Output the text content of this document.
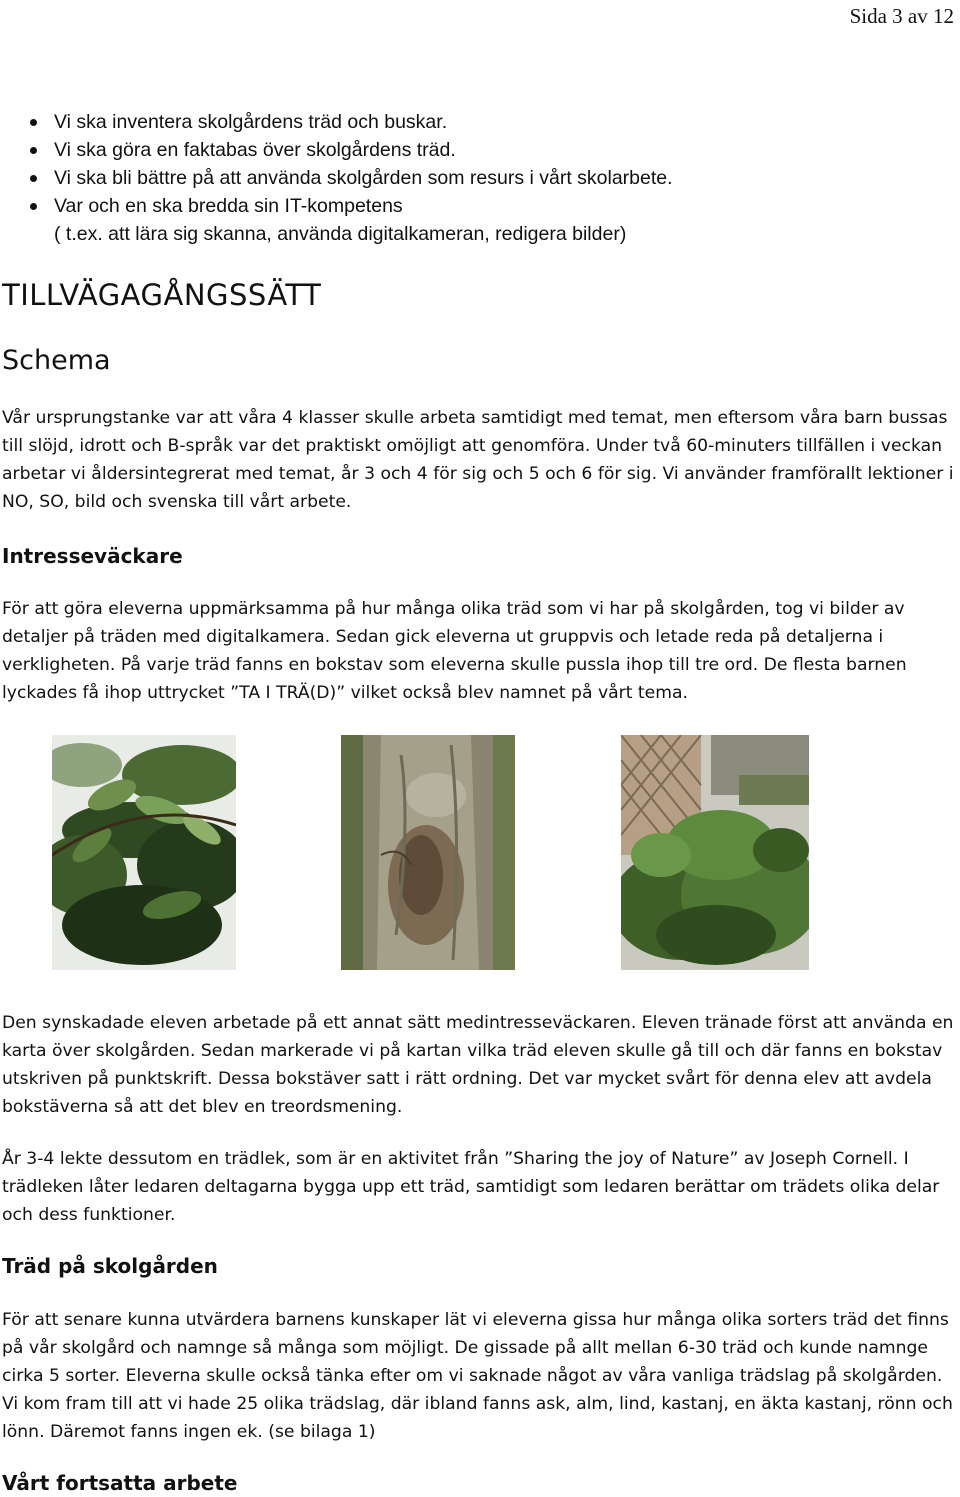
Sida 3 av 12
Vi ska inventera skolgårdens träd och buskar.
Vi ska göra en faktabas över skolgårdens träd.
Vi ska bli bättre på att använda skolgården som resurs i vårt skolarbete.
Var och en ska bredda sin IT-kompetens
( t.ex. att lära sig skanna, använda digitalkameran, redigera bilder)
TILLVÄGAGÅNGSSÄTT
Schema

Vår ursprungstanke var att våra 4 klasser skulle arbeta samtidigt med temat, men eftersom våra barn bussas till slöjd, idrott och B-språk var det praktiskt omöjligt att genomföra. Under två 60-minuters tillfällen i veckan arbetar vi åldersintegrerat med temat, år 3 och 4 för sig och 5 och 6 för sig. Vi använder framförallt lektioner i NO, SO, bild och svenska till vårt arbete.

Intresseväckare

För att göra eleverna uppmärksamma på hur många olika träd som vi har på skolgården, tog vi bilder av detaljer på träden med digitalkamera. Sedan gick eleverna ut gruppvis och letade reda på detaljerna i verkligheten. På varje träd fanns en bokstav som eleverna skulle pussla ihop till tre ord. De flesta barnen lyckades få ihop uttrycket ”TA I TRÄ(D)” vilket också blev namnet på vårt tema.

Den synskadade eleven arbetade på ett annat sätt medintresseväckaren. Eleven tränade först att använda en karta över skolgården. Sedan markerade vi på kartan vilka träd eleven skulle gå till och där fanns en bokstav utskriven på punktskrift. Dessa bokstäver satt i rätt ordning. Det var mycket svårt för denna elev att avdela bokstäverna så att det blev en treordsmening.

År 3-4 lekte dessutom en trädlek, som är en aktivitet från ”Sharing the joy of Nature” av Joseph Cornell. I trädleken låter ledaren deltagarna bygga upp ett träd, samtidigt som ledaren berättar om trädets olika delar och dess funktioner.

Träd på skolgården

För att senare kunna utvärdera barnens kunskaper lät vi eleverna gissa hur många olika sorters träd det finns på vår skolgård och namnge så många som möjligt. De gissade på allt mellan 6-30 träd och kunde namnge cirka 5 sorter. Eleverna skulle också tänka efter om vi saknade något av våra vanliga trädslag på skolgården. Vi kom fram till att vi hade 25 olika trädslag, där ibland fanns ask, alm, lind, kastanj, en äkta kastanj, rönn och lönn. Däremot fanns ingen ek. (se bilaga 1)

Vårt fortsatta arbete
